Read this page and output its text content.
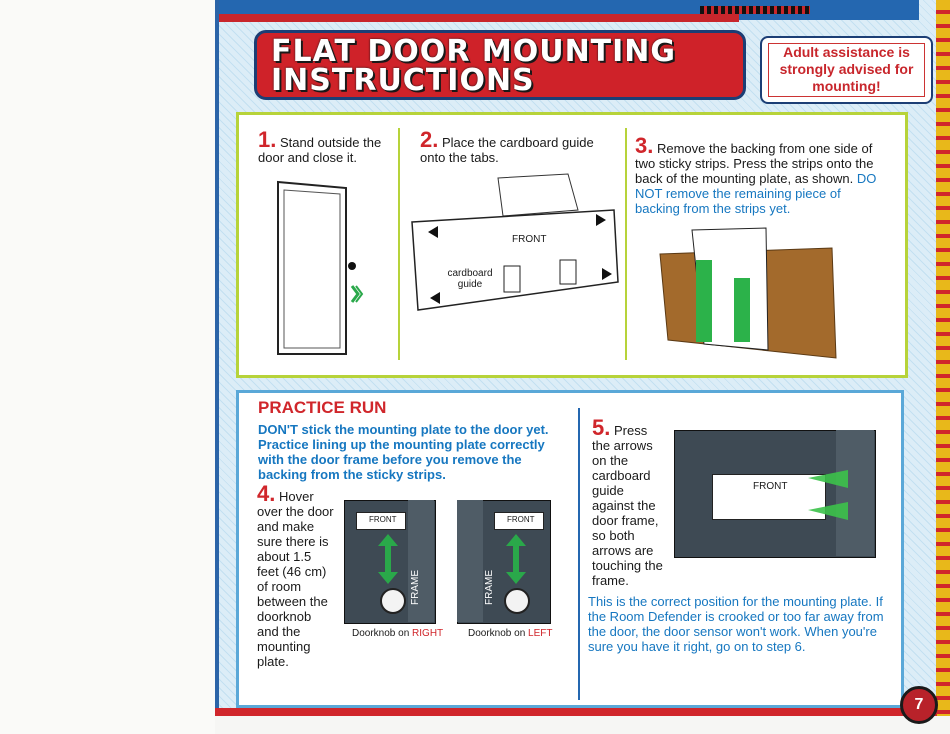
FLAT DOOR MOUNTING
INSTRUCTIONS

Adult assistance is strongly advised for mounting!

1. Stand outside the door and close it.

2. Place the cardboard guide onto the tabs.

FRONT

cardboard guide

3. Remove the backing from one side of two sticky strips. Press the strips onto the back of the mounting plate, as shown. DO NOT remove the remaining piece of backing from the strips yet.

PRACTICE RUN

DON'T stick the mounting plate to the door yet. Practice lining up the mounting plate correctly with the door frame before you remove the backing from the sticky strips.

4. Hover over the door and make sure there is about 1.5 feet (46 cm) of room between the doorknob and the mounting plate.

FRAME

FRONT

Doorknob on RIGHT

FRAME

FRONT

Doorknob on LEFT

5. Press the arrows on the cardboard guide against the door frame, so both arrows are touching the frame.

FRONT

This is the correct position for the mounting plate. If the Room Defender is crooked or too far away from the door, the door sensor won't work. When you're sure you have it right, go on to step 6.

7
